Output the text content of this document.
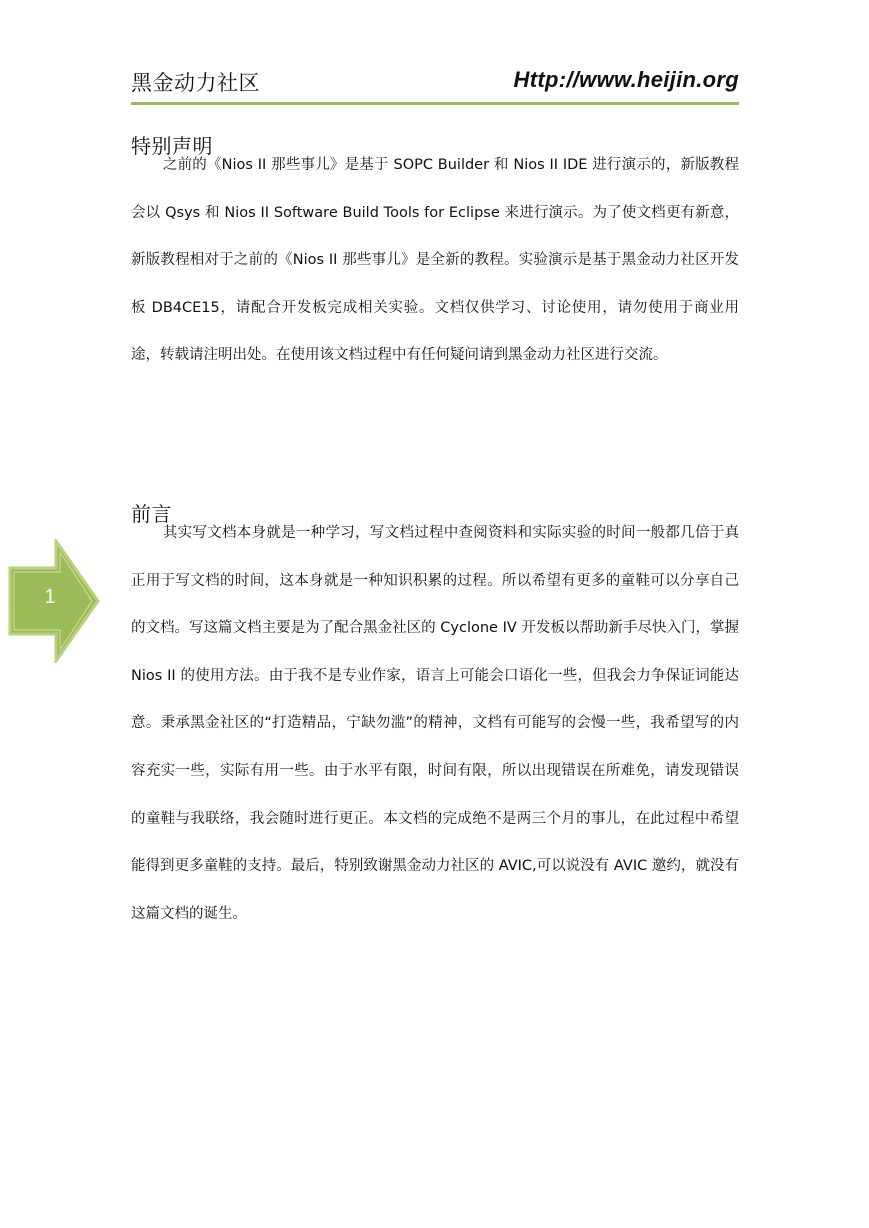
黑金动力社区	Http://www.heijin.org
特别声明

之前的《Nios II 那些事儿》是基于 SOPC Builder 和 Nios II IDE 进行演示的，新版教程会以 Qsys 和 Nios II Software Build Tools for Eclipse 来进行演示。为了使文档更有新意，新版教程相对于之前的《Nios II 那些事儿》是全新的教程。实验演示是基于黑金动力社区开发板 DB4CE15，请配合开发板完成相关实验。文档仅供学习、讨论使用，请勿使用于商业用途，转载请注明出处。在使用该文档过程中有任何疑问请到黑金动力社区进行交流。

前言

其实写文档本身就是一种学习，写文档过程中查阅资料和实际实验的时间一般都几倍于真正用于写文档的时间，这本身就是一种知识积累的过程。所以希望有更多的童鞋可以分享自己的文档。写这篇文档主要是为了配合黑金社区的 Cyclone IV 开发板以帮助新手尽快入门，掌握 Nios II 的使用方法。由于我不是专业作家，语言上可能会口语化一些，但我会力争保证词能达意。秉承黑金社区的“打造精品，宁缺勿滥”的精神，文档有可能写的会慢一些，我希望写的内容充实一些，实际有用一些。由于水平有限，时间有限，所以出现错误在所难免，请发现错误的童鞋与我联络，我会随时进行更正。本文档的完成绝不是两三个月的事儿，在此过程中希望能得到更多童鞋的支持。最后，特别致谢黑金动力社区的 AVIC,可以说没有 AVIC 邀约，就没有这篇文档的诞生。

1
